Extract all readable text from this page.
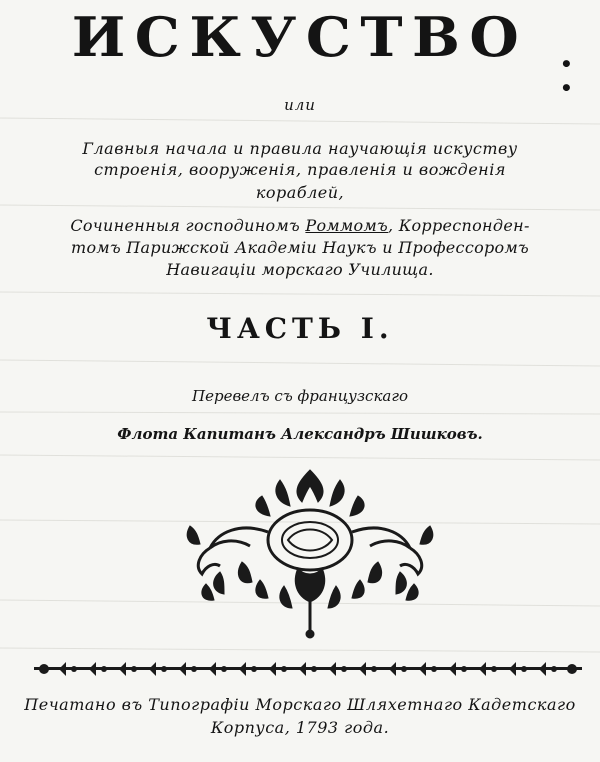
ИСКУСТВО	• •
или
Главныя начала и правила научающія искуству
строенія, вооруженія, правленія и вожденія
кораблей,
Сочиненныя господиномъ Роммомъ, Корреспонден-
томъ Парижской Академіи Наукъ и Профессоромъ
Навигаціи морскаго Училища.
ЧАСТЬ I.
Перевелъ съ французскаго
Флота Капитанъ Александръ Шишковъ.
Печатано въ Типографіи Морскаго Шляхетнаго Кадетскаго
Корпуса, 1793 года.
